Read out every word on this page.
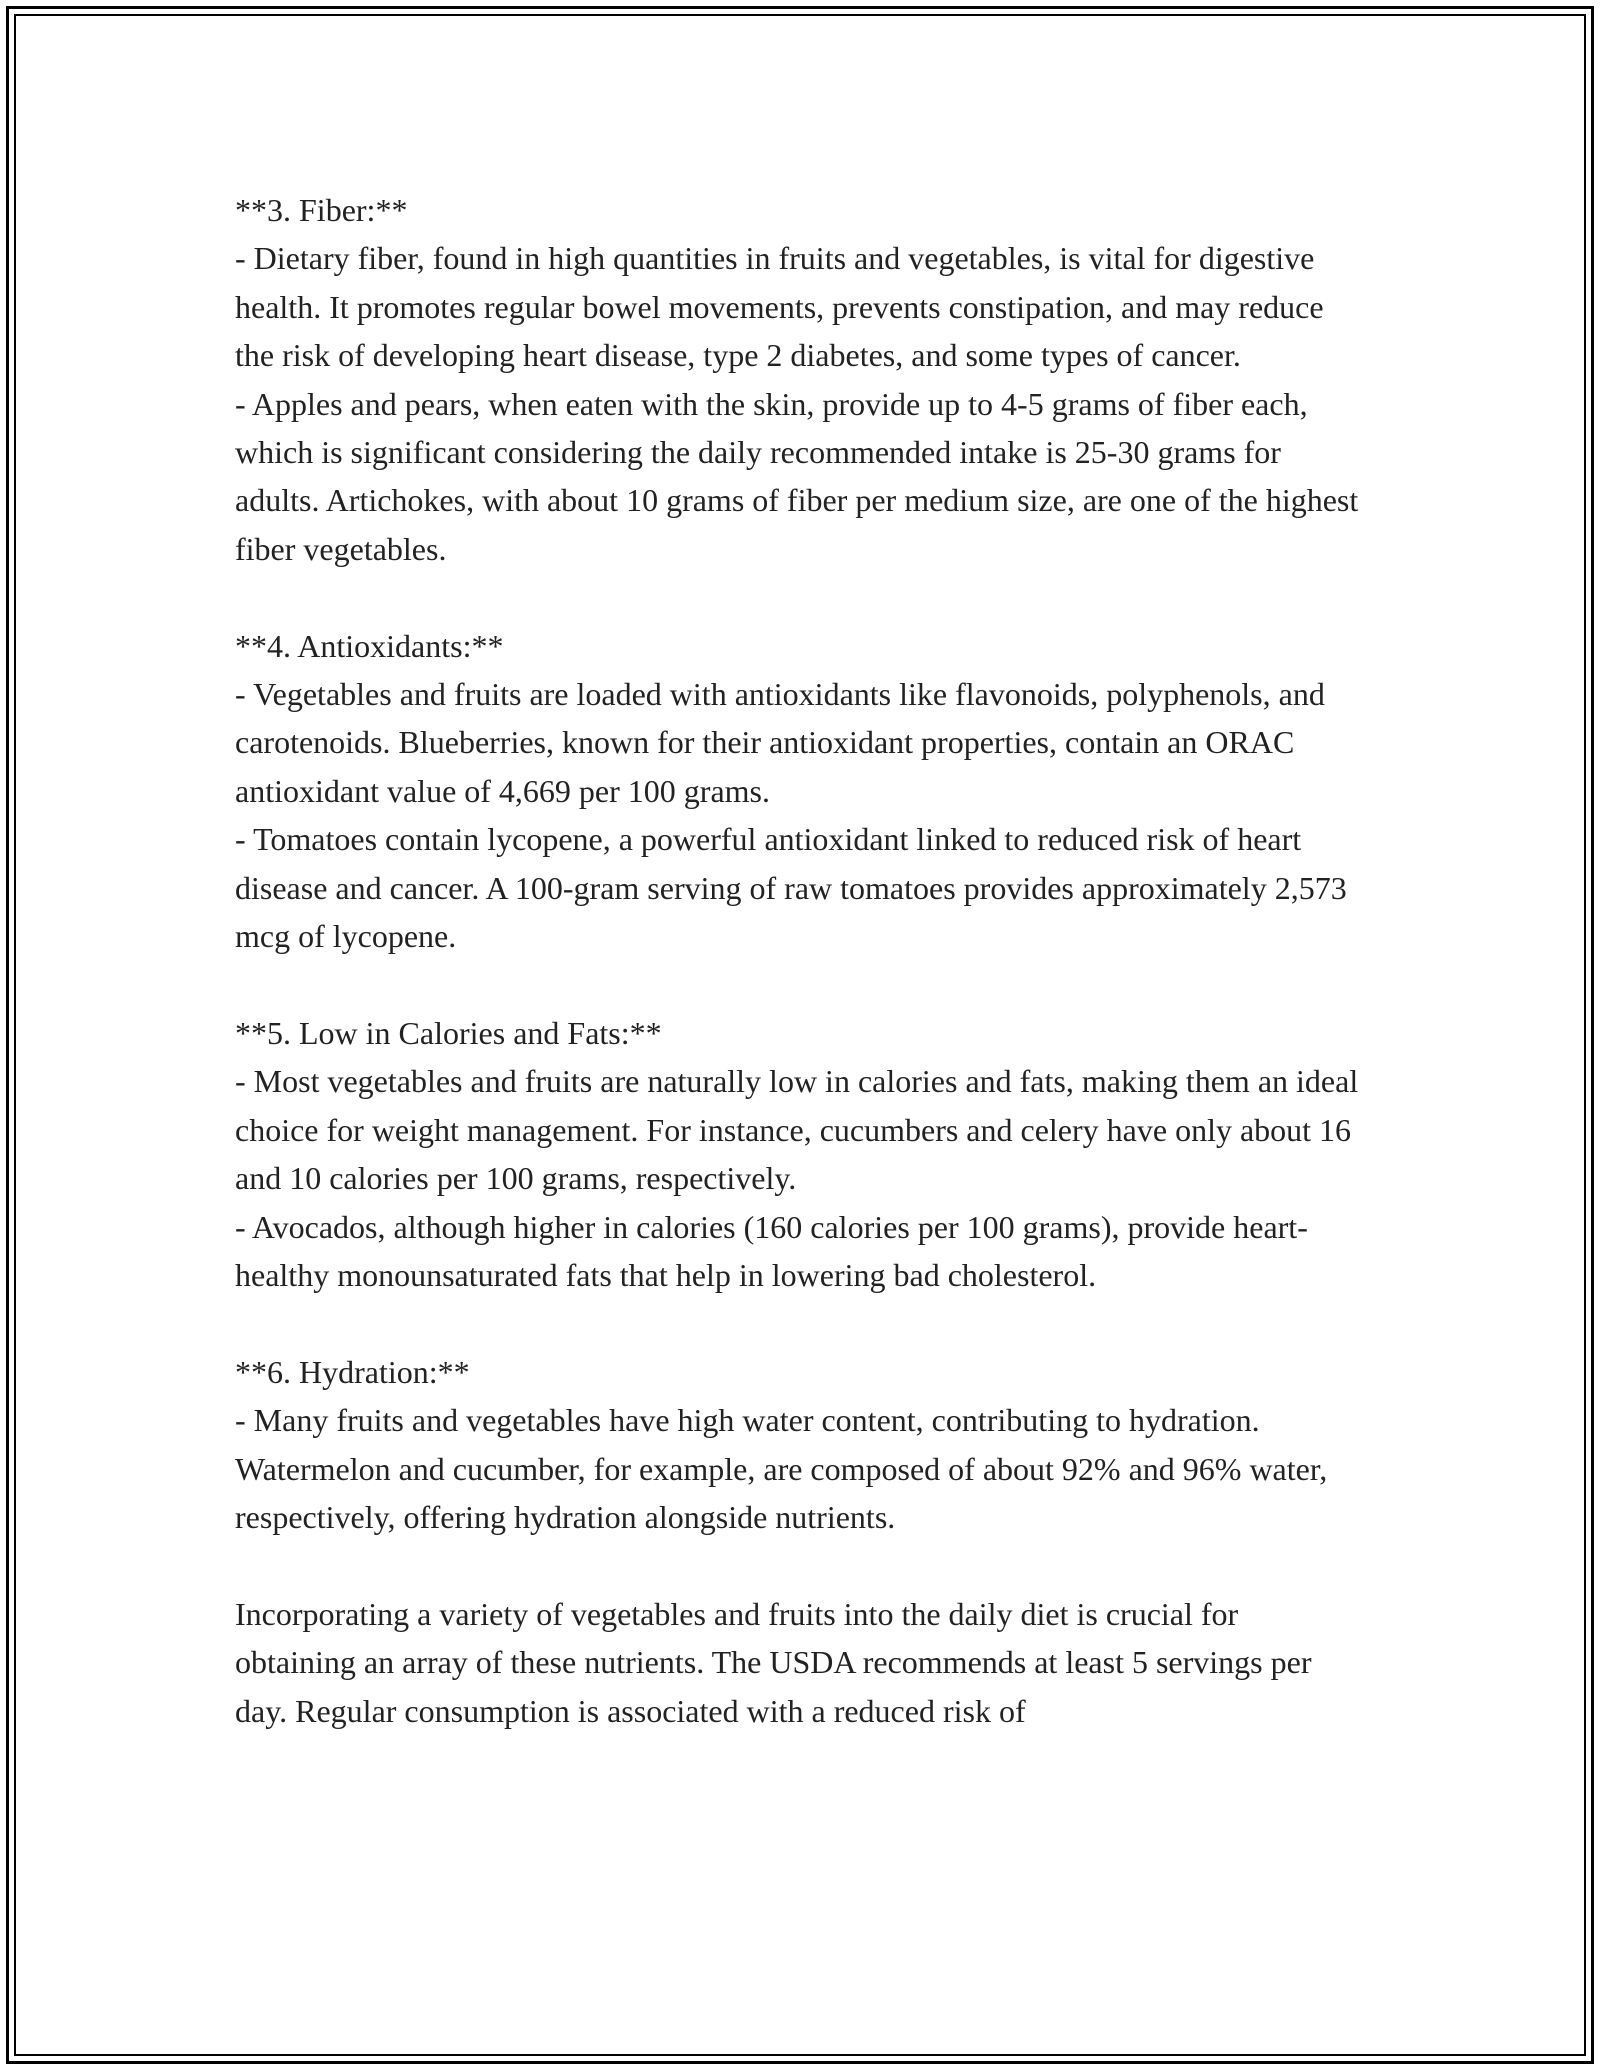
**3. Fiber:**
- Dietary fiber, found in high quantities in fruits and vegetables, is vital for digestive health. It promotes regular bowel movements, prevents constipation, and may reduce the risk of developing heart disease, type 2 diabetes, and some types of cancer.
- Apples and pears, when eaten with the skin, provide up to 4-5 grams of fiber each, which is significant considering the daily recommended intake is 25-30 grams for adults. Artichokes, with about 10 grams of fiber per medium size, are one of the highest fiber vegetables.
**4. Antioxidants:**
- Vegetables and fruits are loaded with antioxidants like flavonoids, polyphenols, and carotenoids. Blueberries, known for their antioxidant properties, contain an ORAC antioxidant value of 4,669 per 100 grams.
- Tomatoes contain lycopene, a powerful antioxidant linked to reduced risk of heart disease and cancer. A 100-gram serving of raw tomatoes provides approximately 2,573 mcg of lycopene.
**5. Low in Calories and Fats:**
- Most vegetables and fruits are naturally low in calories and fats, making them an ideal choice for weight management. For instance, cucumbers and celery have only about 16 and 10 calories per 100 grams, respectively.
- Avocados, although higher in calories (160 calories per 100 grams), provide heart-healthy monounsaturated fats that help in lowering bad cholesterol.
**6. Hydration:**
- Many fruits and vegetables have high water content, contributing to hydration. Watermelon and cucumber, for example, are composed of about 92% and 96% water, respectively, offering hydration alongside nutrients.
Incorporating a variety of vegetables and fruits into the daily diet is crucial for obtaining an array of these nutrients. The USDA recommends at least 5 servings per day. Regular consumption is associated with a reduced risk of
